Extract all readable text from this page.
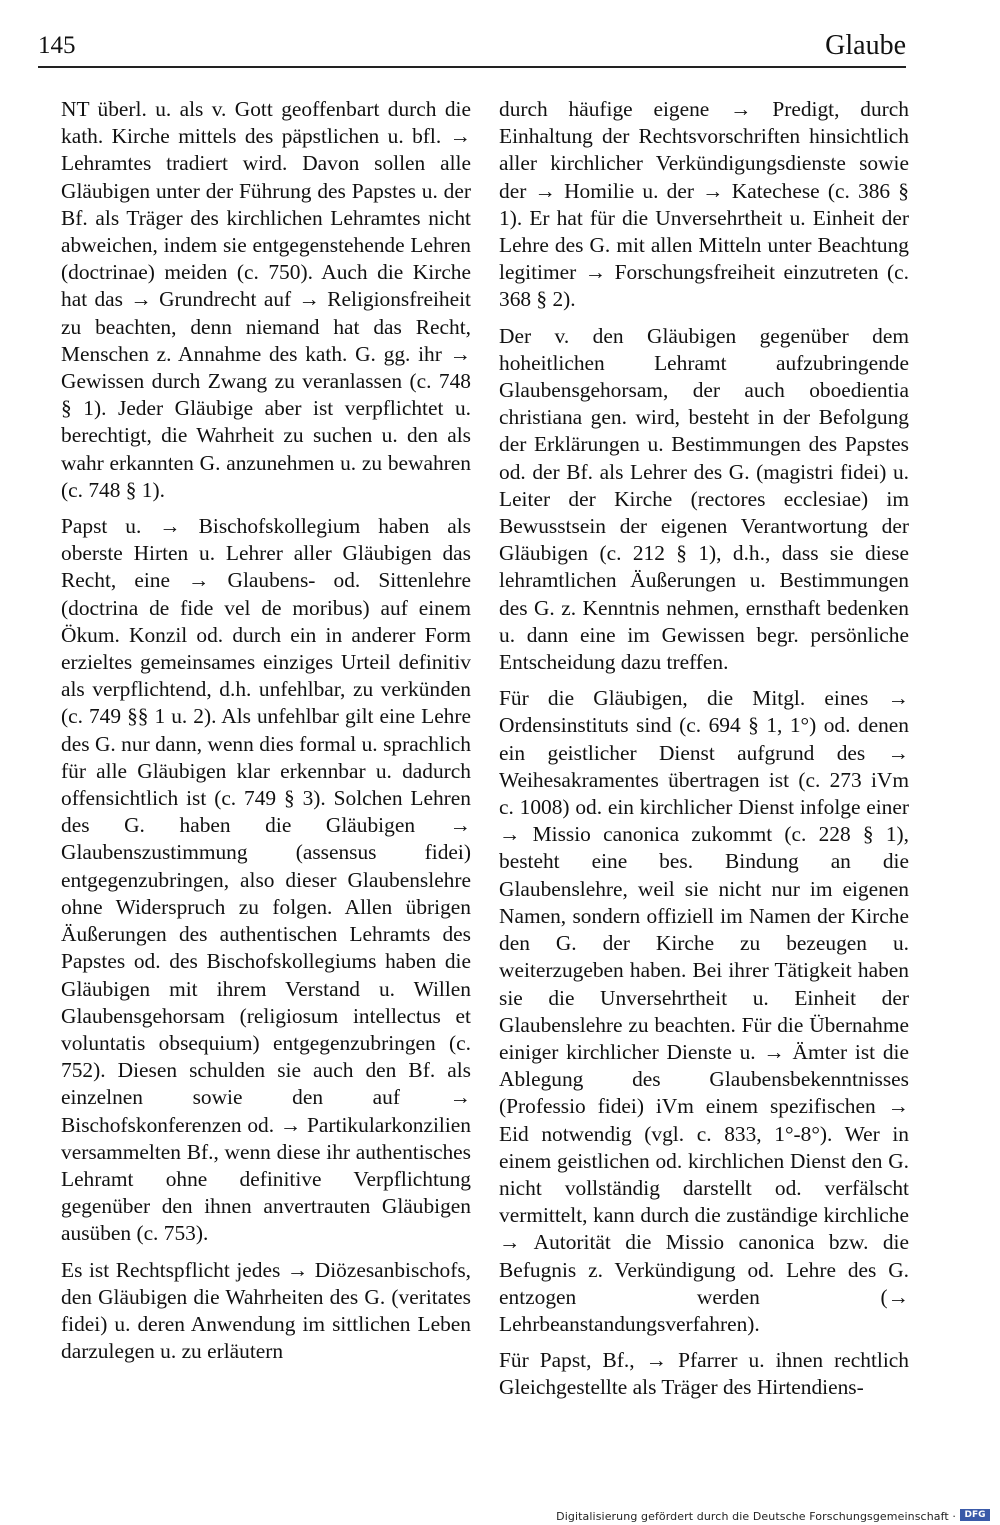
145	Glaube

NT überl. u. als v. Gott geoffenbart durch die kath. Kirche mittels des päpstlichen u. bfl. → Lehramtes tradiert wird. Davon sollen alle Gläubigen unter der Führung des Papstes u. der Bf. als Träger des kirchlichen Lehramtes nicht abweichen, indem sie entgegenstehende Lehren (doctrinae) meiden (c. 750). Auch die Kirche hat das → Grundrecht auf → Religionsfreiheit zu beachten, denn niemand hat das Recht, Menschen z. Annahme des kath. G. gg. ihr → Gewissen durch Zwang zu veranlassen (c. 748 § 1). Jeder Gläubige aber ist verpflichtet u. berechtigt, die Wahrheit zu suchen u. den als wahr erkannten G. anzunehmen u. zu bewahren (c. 748 § 1).

Papst u. → Bischofskollegium haben als oberste Hirten u. Lehrer aller Gläubigen das Recht, eine → Glaubens- od. Sittenlehre (doctrina de fide vel de moribus) auf einem Ökum. Konzil od. durch ein in anderer Form erzieltes gemeinsames einziges Urteil definitiv als verpflichtend, d.h. unfehlbar, zu verkünden (c. 749 §§ 1 u. 2). Als unfehlbar gilt eine Lehre des G. nur dann, wenn dies formal u. sprachlich für alle Gläubigen klar erkennbar u. dadurch offensichtlich ist (c. 749 § 3). Solchen Lehren des G. haben die Gläubigen → Glaubenszustimmung (assensus fidei) entgegenzubringen, also dieser Glaubenslehre ohne Widerspruch zu folgen. Allen übrigen Äußerungen des authentischen Lehramts des Papstes od. des Bischofskollegiums haben die Gläubigen mit ihrem Verstand u. Willen Glaubensgehorsam (religiosum intellectus et voluntatis obsequium) entgegenzubringen (c. 752). Diesen schulden sie auch den Bf. als einzelnen sowie den auf → Bischofskonferenzen od. → Partikularkonzilien versammelten Bf., wenn diese ihr authentisches Lehramt ohne definitive Verpflichtung gegenüber den ihnen anvertrauten Gläubigen ausüben (c. 753).

Es ist Rechtspflicht jedes → Diözesanbischofs, den Gläubigen die Wahrheiten des G. (veritates fidei) u. deren Anwendung im sittlichen Leben darzulegen u. zu erläutern

durch häufige eigene → Predigt, durch Einhaltung der Rechtsvorschriften hinsichtlich aller kirchlicher Verkündigungsdienste sowie der → Homilie u. der → Katechese (c. 386 § 1). Er hat für die Unversehrtheit u. Einheit der Lehre des G. mit allen Mitteln unter Beachtung legitimer → Forschungsfreiheit einzutreten (c. 368 § 2).

Der v. den Gläubigen gegenüber dem hoheitlichen Lehramt aufzubringende Glaubensgehorsam, der auch oboedientia christiana gen. wird, besteht in der Befolgung der Erklärungen u. Bestimmungen des Papstes od. der Bf. als Lehrer des G. (magistri fidei) u. Leiter der Kirche (rectores ecclesiae) im Bewusstsein der eigenen Verantwortung der Gläubigen (c. 212 § 1), d.h., dass sie diese lehramtlichen Äußerungen u. Bestimmungen des G. z. Kenntnis nehmen, ernsthaft bedenken u. dann eine im Gewissen begr. persönliche Entscheidung dazu treffen.

Für die Gläubigen, die Mitgl. eines → Ordensinstituts sind (c. 694 § 1, 1°) od. denen ein geistlicher Dienst aufgrund des → Weihesakramentes übertragen ist (c. 273 iVm c. 1008) od. ein kirchlicher Dienst infolge einer → Missio canonica zukommt (c. 228 § 1), besteht eine bes. Bindung an die Glaubenslehre, weil sie nicht nur im eigenen Namen, sondern offiziell im Namen der Kirche den G. der Kirche zu bezeugen u. weiterzugeben haben. Bei ihrer Tätigkeit haben sie die Unversehrtheit u. Einheit der Glaubenslehre zu beachten. Für die Übernahme einiger kirchlicher Dienste u. → Ämter ist die Ablegung des Glaubensbekenntnisses (Professio fidei) iVm einem spezifischen → Eid notwendig (vgl. c. 833, 1°-8°). Wer in einem geistlichen od. kirchlichen Dienst den G. nicht vollständig darstellt od. verfälscht vermittelt, kann durch die zuständige kirchliche → Autorität die Missio canonica bzw. die Befugnis z. Verkündigung od. Lehre des G. entzogen werden (→ Lehrbeanstandungsverfahren).

Für Papst, Bf., → Pfarrer u. ihnen rechtlich Gleichgestellte als Träger des Hirtendiens-

Digitalisierung gefördert durch die Deutsche Forschungsgemeinschaft · DFG
